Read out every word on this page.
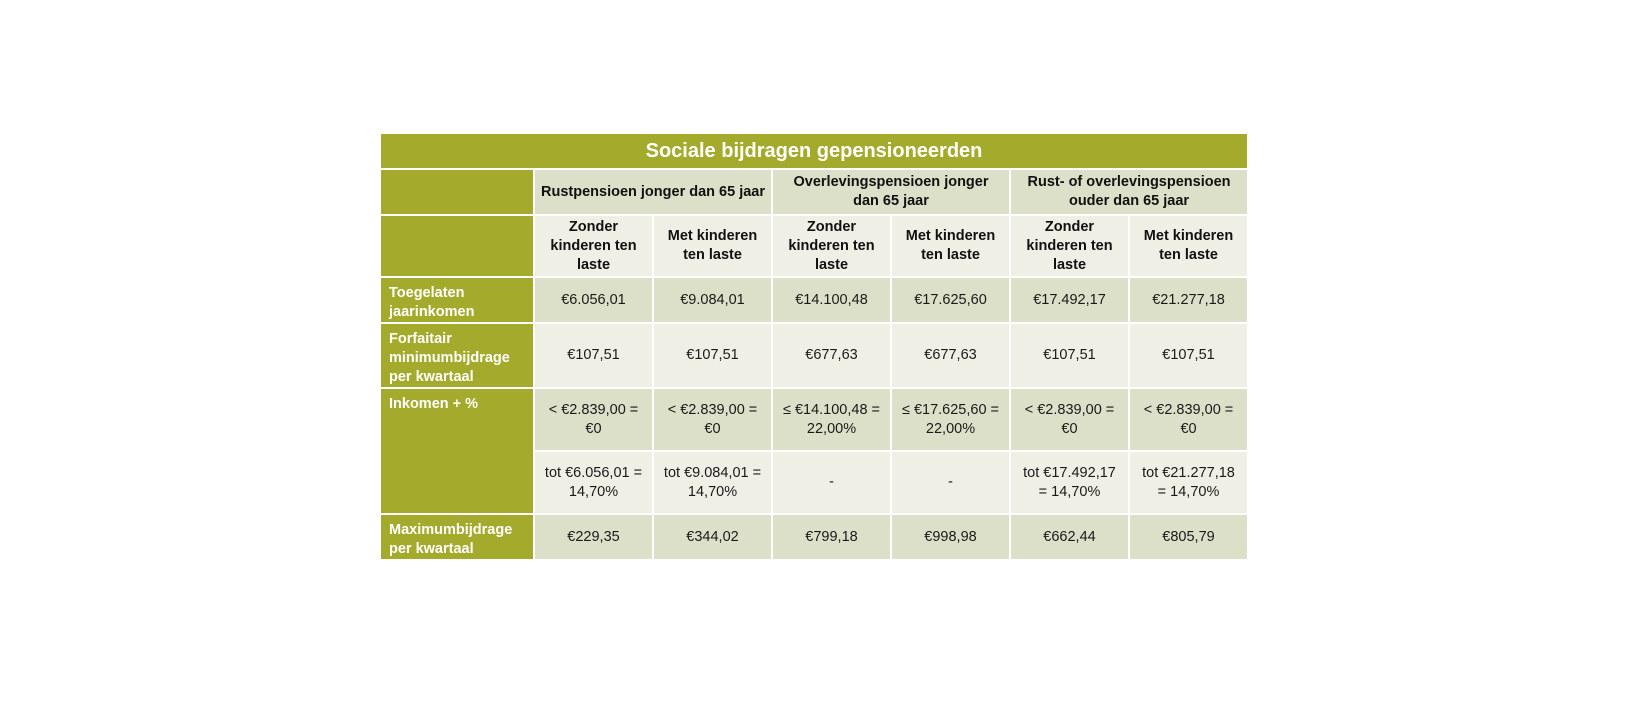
Sociale bijdragen gepensioneerden						
	Rustpensioen jonger dan 65 jaar		Overlevingspensioen jonger dan 65 jaar		Rust- of overlevingspensioen ouder dan 65 jaar	
	Zonder kinderen ten laste	Met kinderen ten laste	Zonder kinderen ten laste	Met kinderen ten laste	Zonder kinderen ten laste	Met kinderen ten laste
Toegelaten jaarinkomen	€6.056,01	€9.084,01	€14.100,48	€17.625,60	€17.492,17	€21.277,18
Forfaitair minimumbijdrage per kwartaal	€107,51	€107,51	€677,63	€677,63	€107,51	€107,51
Inkomen + %	< €2.839,00 = €0	< €2.839,00 = €0	≤ €14.100,48 = 22,00%	≤ €17.625,60 = 22,00%	< €2.839,00 = €0	< €2.839,00 = €0
	tot €6.056,01 = 14,70%	tot €9.084,01 = 14,70%	-	-	tot €17.492,17 = 14,70%	tot €21.277,18 = 14,70%
Maximumbijdrage per kwartaal	€229,35	€344,02	€799,18	€998,98	€662,44	€805,79
